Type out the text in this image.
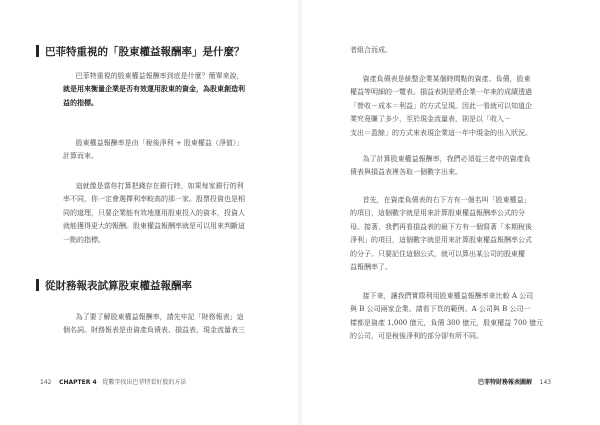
巴菲特重視的「股東權益報酬率」是什麼？
巴菲特重視的股東權益報酬率到底是什麼？簡單來說，
就是用來衡量企業是否有效運用股東的資金，為股東創造利
益的指標。
股東權益報酬率是由「稅後淨利 ÷ 股東權益（淨值）」
計算而來。
這就像是當你打算把錢存在銀行時，如果每家銀行的利
率不同，你一定會選擇利率較高的那一家。股票投資也是相
同的道理，只要企業能有效地運用股東投入的資本，投資人
就能獲得更大的報酬。股東權益報酬率就是可以用來判斷這
一點的指標。
從財務報表試算股東權益報酬率
為了要了解股東權益報酬率，請先牢記「財務報表」這
個名詞。財務報表是由資產負債表、損益表、現金流量表三
142 CHAPTER 4 從數字找出巴菲特看好股的方法
者組合而成。
資產負債表是統整企業某個時間點的資產、負債，股東
權益等明細的一覽表。損益表則是將企業一年來的成績透過
「營收－成本＝利益」的方式呈現。因此一看就可以知道企
業究竟賺了多少，至於現金流量表，則是以「收入－
支出＝盈餘」的方式來表現企業這一年中現金的出入狀況。
為了計算股東權益報酬率，我們必須從三者中的資產負
債表與損益表裡各取一個數字出來。
首先，在資產負債表的右下方有一個名叫「股東權益」
的項目，這個數字就是用來計算股東權益報酬率公式的分
母。接著，我們再看損益表的最下方有一個寫著「本期稅後
淨利」的項目，這個數字就是用來計算股東權益報酬率公式
的分子。只要記住這個公式，就可以算出某公司的股東權
益報酬率了。
接下來，讓我們實際利用股東權益報酬率來比較 A 公司
與 B 公司兩家企業。請看下頁的範例。A 公司與 B 公司一
樣都是資產 1,000 億元，負債 300 億元，股東權益 700 億元
的公司，可是稅後淨利的部分卻有所不同。
巴菲特財務報表圖解 143
